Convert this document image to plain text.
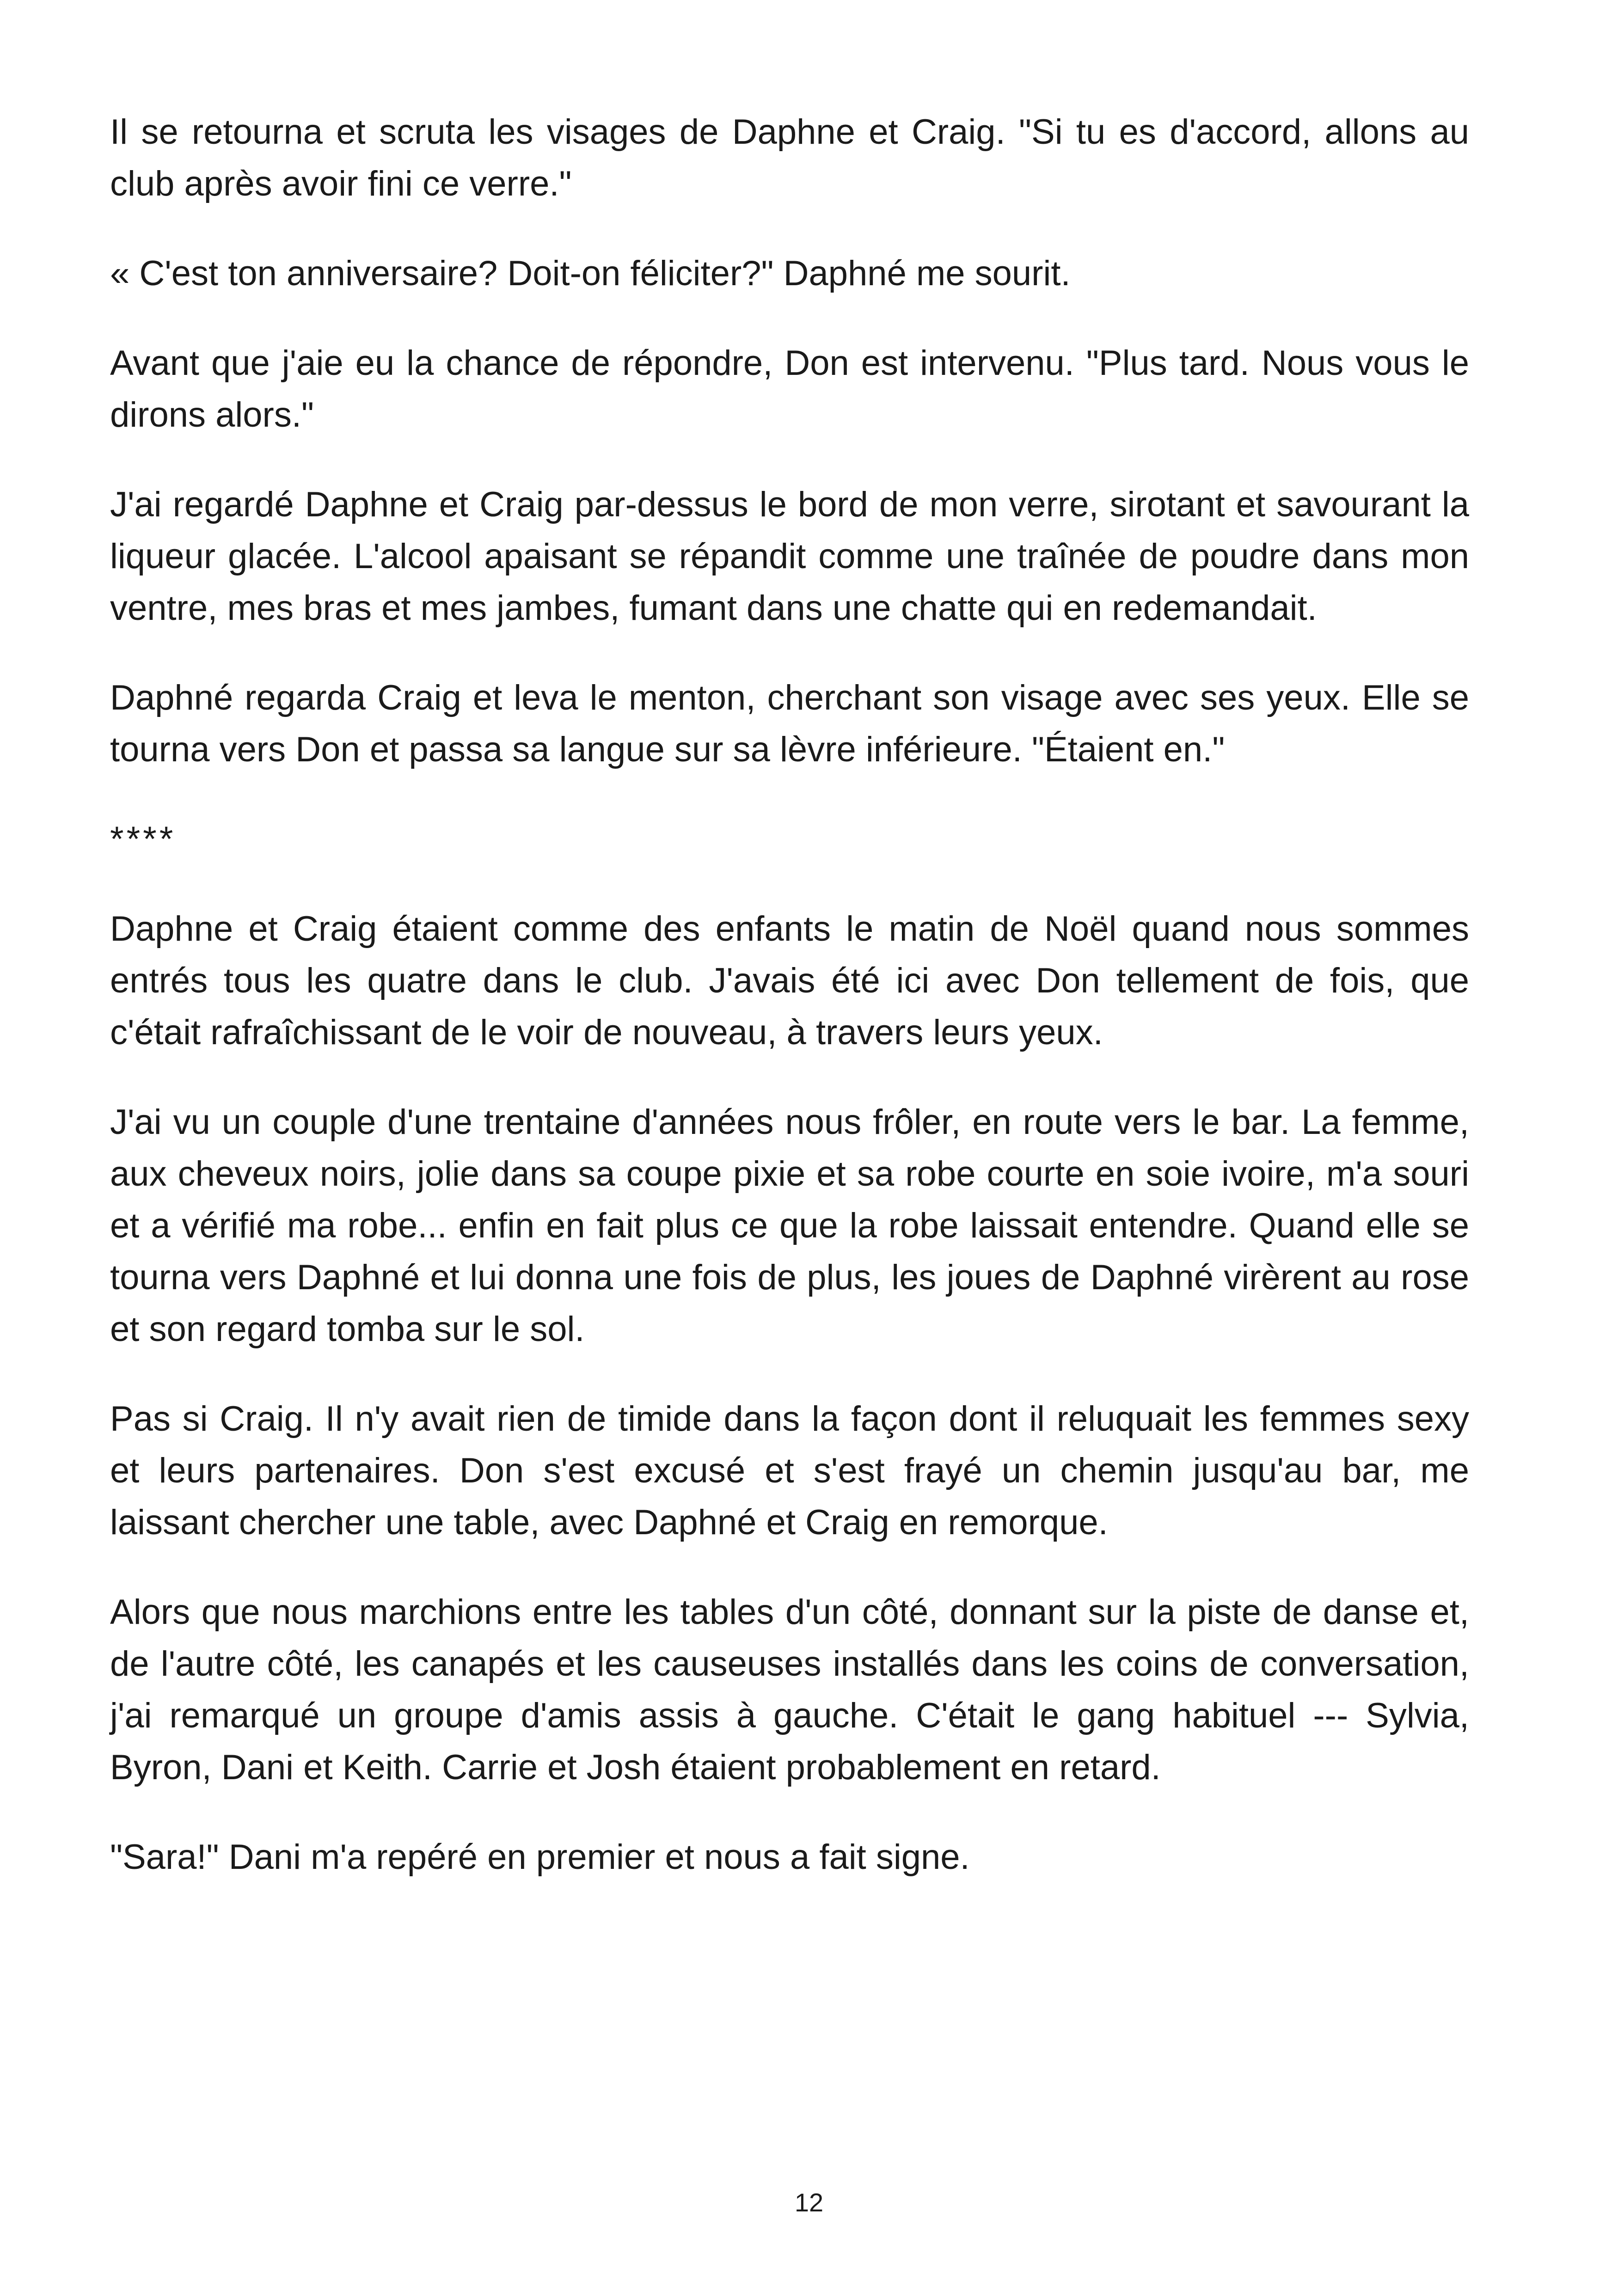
Il se retourna et scruta les visages de Daphne et Craig. "Si tu es d'accord, allons au club après avoir fini ce verre."

« C'est ton anniversaire? Doit-on féliciter?" Daphné me sourit.

Avant que j'aie eu la chance de répondre, Don est intervenu. "Plus tard. Nous vous le dirons alors."

J'ai regardé Daphne et Craig par-dessus le bord de mon verre, sirotant et savourant la liqueur glacée. L'alcool apaisant se répandit comme une traînée de poudre dans mon ventre, mes bras et mes jambes, fumant dans une chatte qui en redemandait.

Daphné regarda Craig et leva le menton, cherchant son visage avec ses yeux. Elle se tourna vers Don et passa sa langue sur sa lèvre inférieure. "Étaient en."

****

Daphne et Craig étaient comme des enfants le matin de Noël quand nous sommes entrés tous les quatre dans le club. J'avais été ici avec Don tellement de fois, que c'était rafraîchissant de le voir de nouveau, à travers leurs yeux.

J'ai vu un couple d'une trentaine d'années nous frôler, en route vers le bar. La femme, aux cheveux noirs, jolie dans sa coupe pixie et sa robe courte en soie ivoire, m'a souri et a vérifié ma robe... enfin en fait plus ce que la robe laissait entendre. Quand elle se tourna vers Daphné et lui donna une fois de plus, les joues de Daphné virèrent au rose et son regard tomba sur le sol.

Pas si Craig. Il n'y avait rien de timide dans la façon dont il reluquait les femmes sexy et leurs partenaires. Don s'est excusé et s'est frayé un chemin jusqu'au bar, me laissant chercher une table, avec Daphné et Craig en remorque.

Alors que nous marchions entre les tables d'un côté, donnant sur la piste de danse et, de l'autre côté, les canapés et les causeuses installés dans les coins de conversation, j'ai remarqué un groupe d'amis assis à gauche. C'était le gang habituel --- Sylvia, Byron, Dani et Keith. Carrie et Josh étaient probablement en retard.

"Sara!" Dani m'a repéré en premier et nous a fait signe.

12
